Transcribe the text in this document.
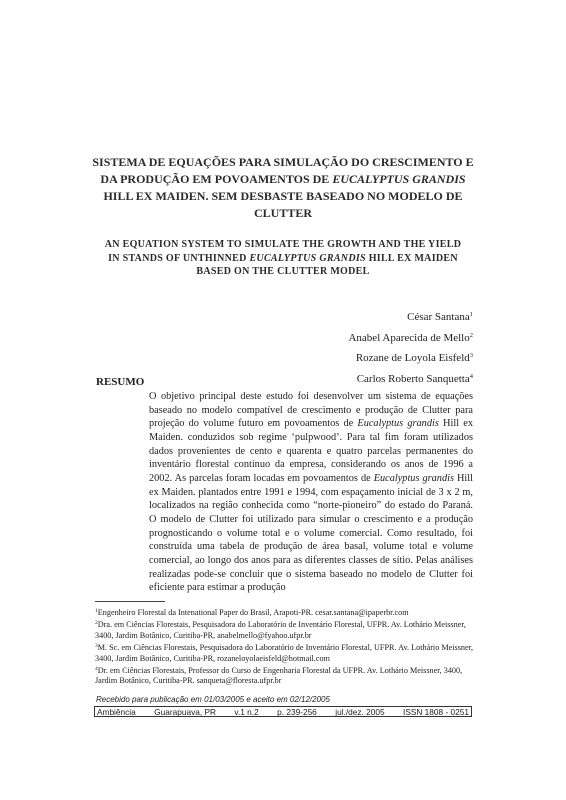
SISTEMA DE EQUAÇÕES PARA SIMULAÇÃO DO CRESCIMENTO E
DA PRODUÇÃO EM POVOAMENTOS DE EUCALYPTUS GRANDIS
HILL EX MAIDEN. SEM DESBASTE BASEADO NO MODELO DE
CLUTTER
AN EQUATION SYSTEM TO SIMULATE THE GROWTH AND THE YIELD
IN STANDS OF UNTHINNED EUCALYPTUS GRANDIS HILL EX MAIDEN
BASED ON THE CLUTTER MODEL
César Santana$^1$
Anabel Aparecida de Mello$^2$
Rozane de Loyola Eisfeld$^3$
Carlos Roberto Sanquetta$^4$
RESUMO
O objetivo principal deste estudo foi desenvolver um sistema de equações baseado no modelo compatível de crescimento e produção de Clutter para projeção do volume futuro em povoamentos de Eucalyptus grandis Hill ex Maiden. conduzidos sob regime ‘pulpwood’. Para tal fim foram utilizados dados provenientes de cento e quarenta e quatro parcelas permanentes do inventário florestal contínuo da empresa, considerando os anos de 1996 a 2002. As parcelas foram locadas em povoamentos de Eucalyptus grandis Hill ex Maiden. plantados entre 1991 e 1994, com espaçamento inicial de 3 x 2 m, localizados na região conhecida como “norte-pioneiro” do estado do Paraná. O modelo de Clutter foi utilizado para simular o crescimento e a produção prognosticando o volume total e o volume comercial. Como resultado, foi construída uma tabela de produção de área basal, volume total e volume comercial, ao longo dos anos para as diferentes classes de sítio. Pelas análises realizadas pode-se concluir que o sistema baseado no modelo de Clutter foi eficiente para estimar a produção

$^1$Engenheiro Florestal da Intenational Paper do Brasil, Arapoti-PR. cesar.santana@ipaperbr.com

$^2$Dra. em Ciências Florestais, Pesquisadora do Laboratório de Inventário Florestal, UFPR. Av. Lothário Meissner, 3400, Jardim Botânico, Curitiba-PR, anabelmello@fyahoo.ufpr.br

$^3$M. Sc. em Ciências Florestais, Pesquisadora do Laboratório de Inventário Florestal, UFPR. Av. Lothário Meissner, 3400, Jardim Botânico, Curitiba-PR, rozaneloyolaeisfeld@hotmail.com

$^4$Dr. em Ciências Florestais, Professor do Curso de Engenharia Florestal da UFPR. Av. Lothário Meissner, 3400, Jardim Botânico, Curitiba-PR. sanqueta@floresta.ufpr.br

Recebido para publicação em 01/03/2005 e aceito em 02/12/2005
Ambiência Guarapuava, PR v.1 n.2 p. 239-256 jul./dez. 2005 ISSN 1808 - 0251
